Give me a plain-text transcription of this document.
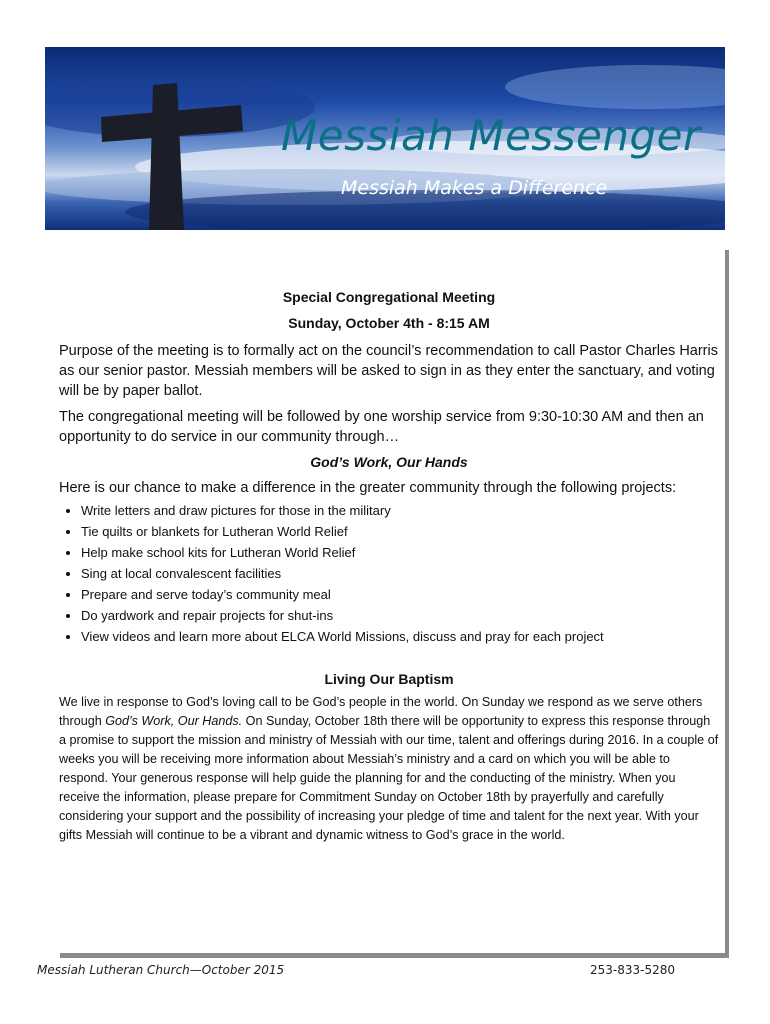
Messiah Messenger
Messiah Makes a Difference

Special Congregational Meeting

Sunday, October 4th - 8:15 AM

Purpose of the meeting is to formally act on the council’s recommendation to call Pastor Charles Harris as our senior pastor. Messiah members will be asked to sign in as they enter the sanctuary, and voting will be by paper ballot.

The congregational meeting will be followed by one worship service from 9:30-10:30 AM and then an opportunity to do service in our community through…

God’s Work, Our Hands

Here is our chance to make a difference in the greater community through the following projects:

• Write letters and draw pictures for those in the military
• Tie quilts or blankets for Lutheran World Relief
• Help make school kits for Lutheran World Relief
• Sing at local convalescent facilities
• Prepare and serve today’s community meal
• Do yardwork and repair projects for shut-ins
• View videos and learn more about ELCA World Missions, discuss and pray for each project

Living Our Baptism

We live in response to God’s loving call to be God’s people in the world. On Sunday we respond as we serve others through God’s Work, Our Hands. On Sunday, October 18th there will be opportunity to express this response through a promise to support the mission and ministry of Messiah with our time, talent and offerings during 2016. In a couple of weeks you will be receiving more information about Messiah’s ministry and a card on which you will be able to respond. Your generous response will help guide the planning for and the conducting of the ministry. When you receive the information, please prepare for Commitment Sunday on October 18th by prayerfully and carefully considering your support and the possibility of increasing your pledge of time and talent for the next year. With your gifts Messiah will continue to be a vibrant and dynamic witness to God’s grace in the world.

Messiah Lutheran Church—October 2015	253-833-5280
